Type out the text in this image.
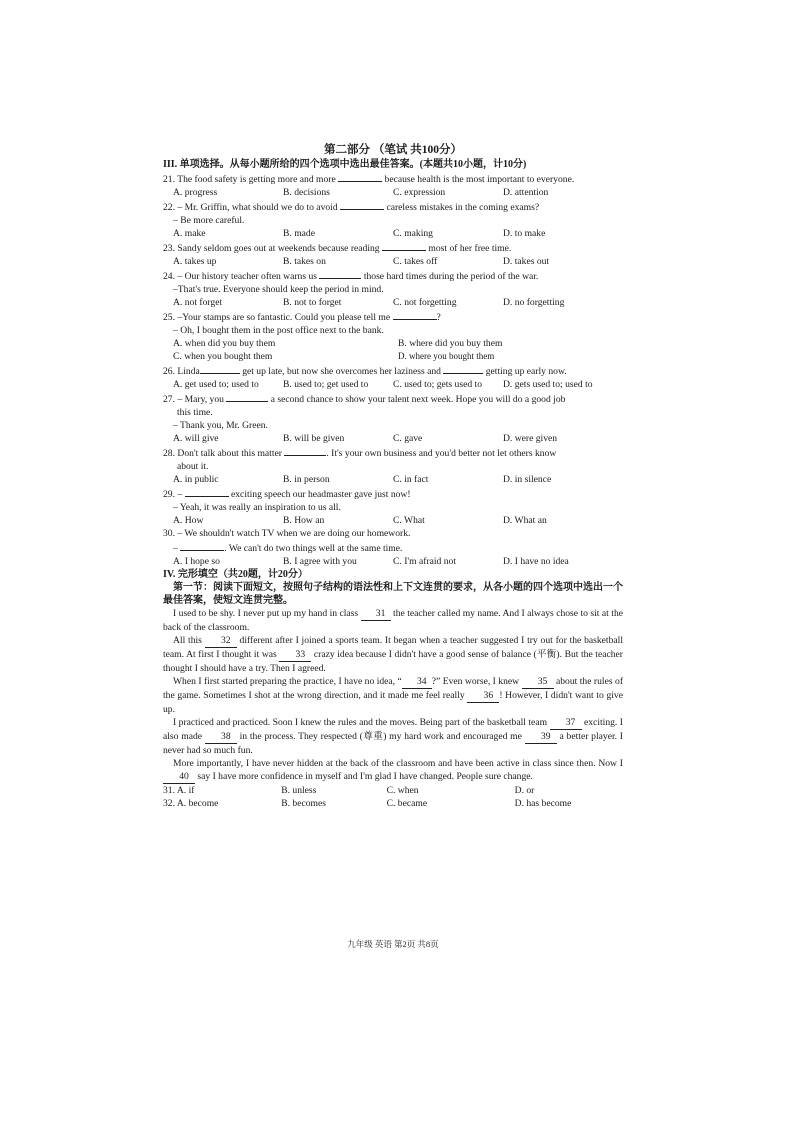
第二部分 （笔试 共100分）
III. 单项选择。从每小题所给的四个选项中选出最佳答案。(本题共10小题，计10分)
21. The food safety is getting more and more	because health is the most important to everyone.
A. progress	B. decisions	C. expression	D. attention
22. – Mr. Griffin, what should we do to avoid	careless mistakes in the coming exams?
– Be more careful.
A. make	B. made	C. making	D. to make
23. Sandy seldom goes out at weekends because reading	most of her free time.
A. takes up	B. takes on	C. takes off	D. takes out
24. – Our history teacher often warns us	those hard times during the period of the war.
–That's true. Everyone should keep the period in mind.
A. not forget	B. not to forget	C. not forgetting	D. no forgetting
25. –Your stamps are so fantastic. Could you please tell me	?
– Oh, I bought them in the post office next to the bank.
A. when did you buy them	B. where did you buy them
C. when you bought them	D. where you bought them
26. Linda	get up late, but now she overcomes her laziness and	getting up early now.
A. get used to; used to	B. used to; get used to	C. used to; gets used to	D. gets used to; used to
27. – Mary, you	a second chance to show your talent next week. Hope you will do a good job
this time.
– Thank you, Mr. Green.
A. will give	B. will be given	C. gave	D. were given
28. Don't talk about this matter	. It's your own business and you'd better not let others know
about it.
A. in public	B. in person	C. in fact	D. in silence
29. –	exciting speech our headmaster gave just now!
– Yeah, it was really an inspiration to us all.
A. How	B. How an	C. What	D. What an
30. – We shouldn't watch TV when we are doing our homework.
–	. We can't do two things well at the same time.
A. I hope so	B. I agree with you	C. I'm afraid not	D. I have no idea
IV. 完形填空（共20题，计20分）
第一节：阅读下面短文，按照句子结构的语法性和上下文连贯的要求，从各小题的四个选项中选出一个最佳答案，使短文连贯完整。

I used to be shy. I never put up my hand in class 31 the teacher called my name. And I always chose to sit at the back of the classroom.

All this 32 different after I joined a sports team. It began when a teacher suggested I try out for the basketball team. At first I thought it was 33 crazy idea because I didn't have a good sense of balance (平衡). But the teacher thought I should have a try. Then I agreed.

When I first started preparing the practice, I have no idea, “ 34 ?” Even worse, I knew 35 about the rules of the game. Sometimes I shot at the wrong direction, and it made me feel really 36 ! However, I didn't want to give up.

I practiced and practiced. Soon I knew the rules and the moves. Being part of the basketball team 37 exciting. I also made 38 in the process. They respected (尊重) my hard work and encouraged me 39 a better player. I never had so much fun.

More importantly, I have never hidden at the back of the classroom and have been active in class since then. Now I 40 say I have more confidence in myself and I'm glad I have changed. People sure change.

31. A. if	B. unless	C. when	D. or
32. A. become	B. becomes	C. became	D. has become
九年级 英语 第2页 共8页
